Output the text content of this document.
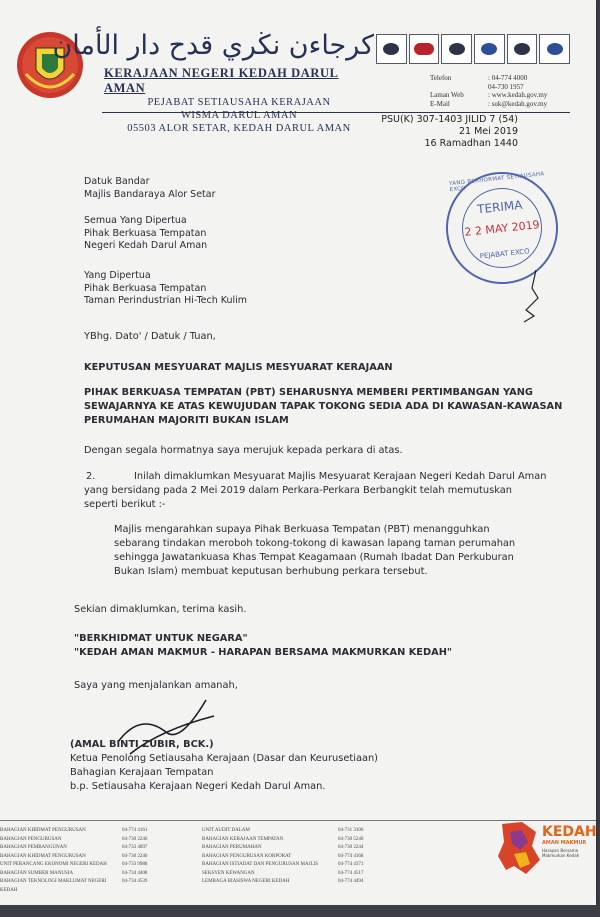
كرجاءن نڬري قدح دار الأمان
KERAJAAN NEGERI KEDAH DARUL AMAN
PEJABAT SETIAUSAHA KERAJAAN
WISMA DARUL AMAN
05503 ALOR SETAR, KEDAH DARUL AMAN
Telefon	: 04-774 4000
04-730 1957
Laman Web	: www.kedah.gov.my
E-Mail	: suk@kedah.gov.my
PSU(K) 307-1403 JILID 7 (54)
21 Mei 2019
16 Ramadhan 1440
Datuk Bandar
Majlis Bandaraya Alor Setar
Semua Yang Dipertua
Pihak Berkuasa Tempatan
Negeri Kedah Darul Aman
Yang Dipertua
Pihak Berkuasa Tempatan
Taman Perindustrian Hi-Tech Kulim
YANG BERHORMAT SETIAUSAHA EXCO
TERIMA
2 2 MAY 2019
PEJABAT EXCO
YBhg. Dato' / Datuk / Tuan,
KEPUTUSAN MESYUARAT MAJLIS MESYUARAT KERAJAAN
PIHAK BERKUASA TEMPATAN (PBT) SEHARUSNYA MEMBERI PERTIMBANGAN YANG
SEWAJARNYA KE ATAS KEWUJUDAN TAPAK TOKONG SEDIA ADA DI KAWASAN-KAWASAN
PERUMAHAN MAJORITI BUKAN ISLAM
Dengan segala hormatnya saya merujuk kepada perkara di atas.
2.	Inilah dimaklumkan Mesyuarat Majlis Mesyuarat Kerajaan Negeri Kedah Darul Aman
yang bersidang pada 2 Mei 2019 dalam Perkara-Perkara Berbangkit telah memutuskan
seperti berikut :-
Majlis mengarahkan supaya Pihak Berkuasa Tempatan (PBT) menangguhkan
sebarang tindakan meroboh tokong-tokong di kawasan lapang taman perumahan
sehingga Jawatankuasa Khas Tempat Keagamaan (Rumah Ibadat Dan Perkuburan
Bukan Islam) membuat keputusan berhubung perkara tersebut.
Sekian dimaklumkan, terima kasih.
"BERKHIDMAT UNTUK NEGARA"
"KEDAH AMAN MAKMUR - HARAPAN BERSAMA MAKMURKAN KEDAH"
Saya yang menjalankan amanah,
(AMAL BINTI ZUBIR, BCK.)
Ketua Penolong Setiausaha Kerajaan (Dasar dan Keurusetiaan)
Bahagian Kerajaan Tempatan
b.p. Setiausaha Kerajaan Negeri Kedah Darul Aman.
BAHAGIAN KHIDMAT PENGURUSAN	04-774 4161
BAHAGIAN PENGURUSAN	04-730 2246
BAHAGIAN PEMBANGUNAN	04-733 4897
BAHAGIAN KHIDMAT PENGURUSAN	04-730 2246
UNIT PERANCANG EKONOMI NEGERI KEDAH	04-733 9988
BAHAGIAN SUMBER MANUSIA	04-734 4408
BAHAGIAN TEKNOLOGI MAKLUMAT NEGERI KEDAH
04-734 4539
UNIT AUDIT DALAM	04-731 3106
BAHAGIAN KERAJAAN TEMPATAN	04-730 5240
BAHAGIAN PERUMAHAN	04-730 2244
BAHAGIAN PENGURUSAN KORPORAT	04-774 4168
BAHAGIAN ISTIADAT DAN PENGURUSAN MAJLIS	04-774 4371
SEKSYEN KEWANGAN	04-774 4517
LEMBAGA BIASISWA NEGERI KEDAH	04-774 4494
KEDAH
AMAN MAKMUR
Harapan Bersama Makmurkan Kedah
